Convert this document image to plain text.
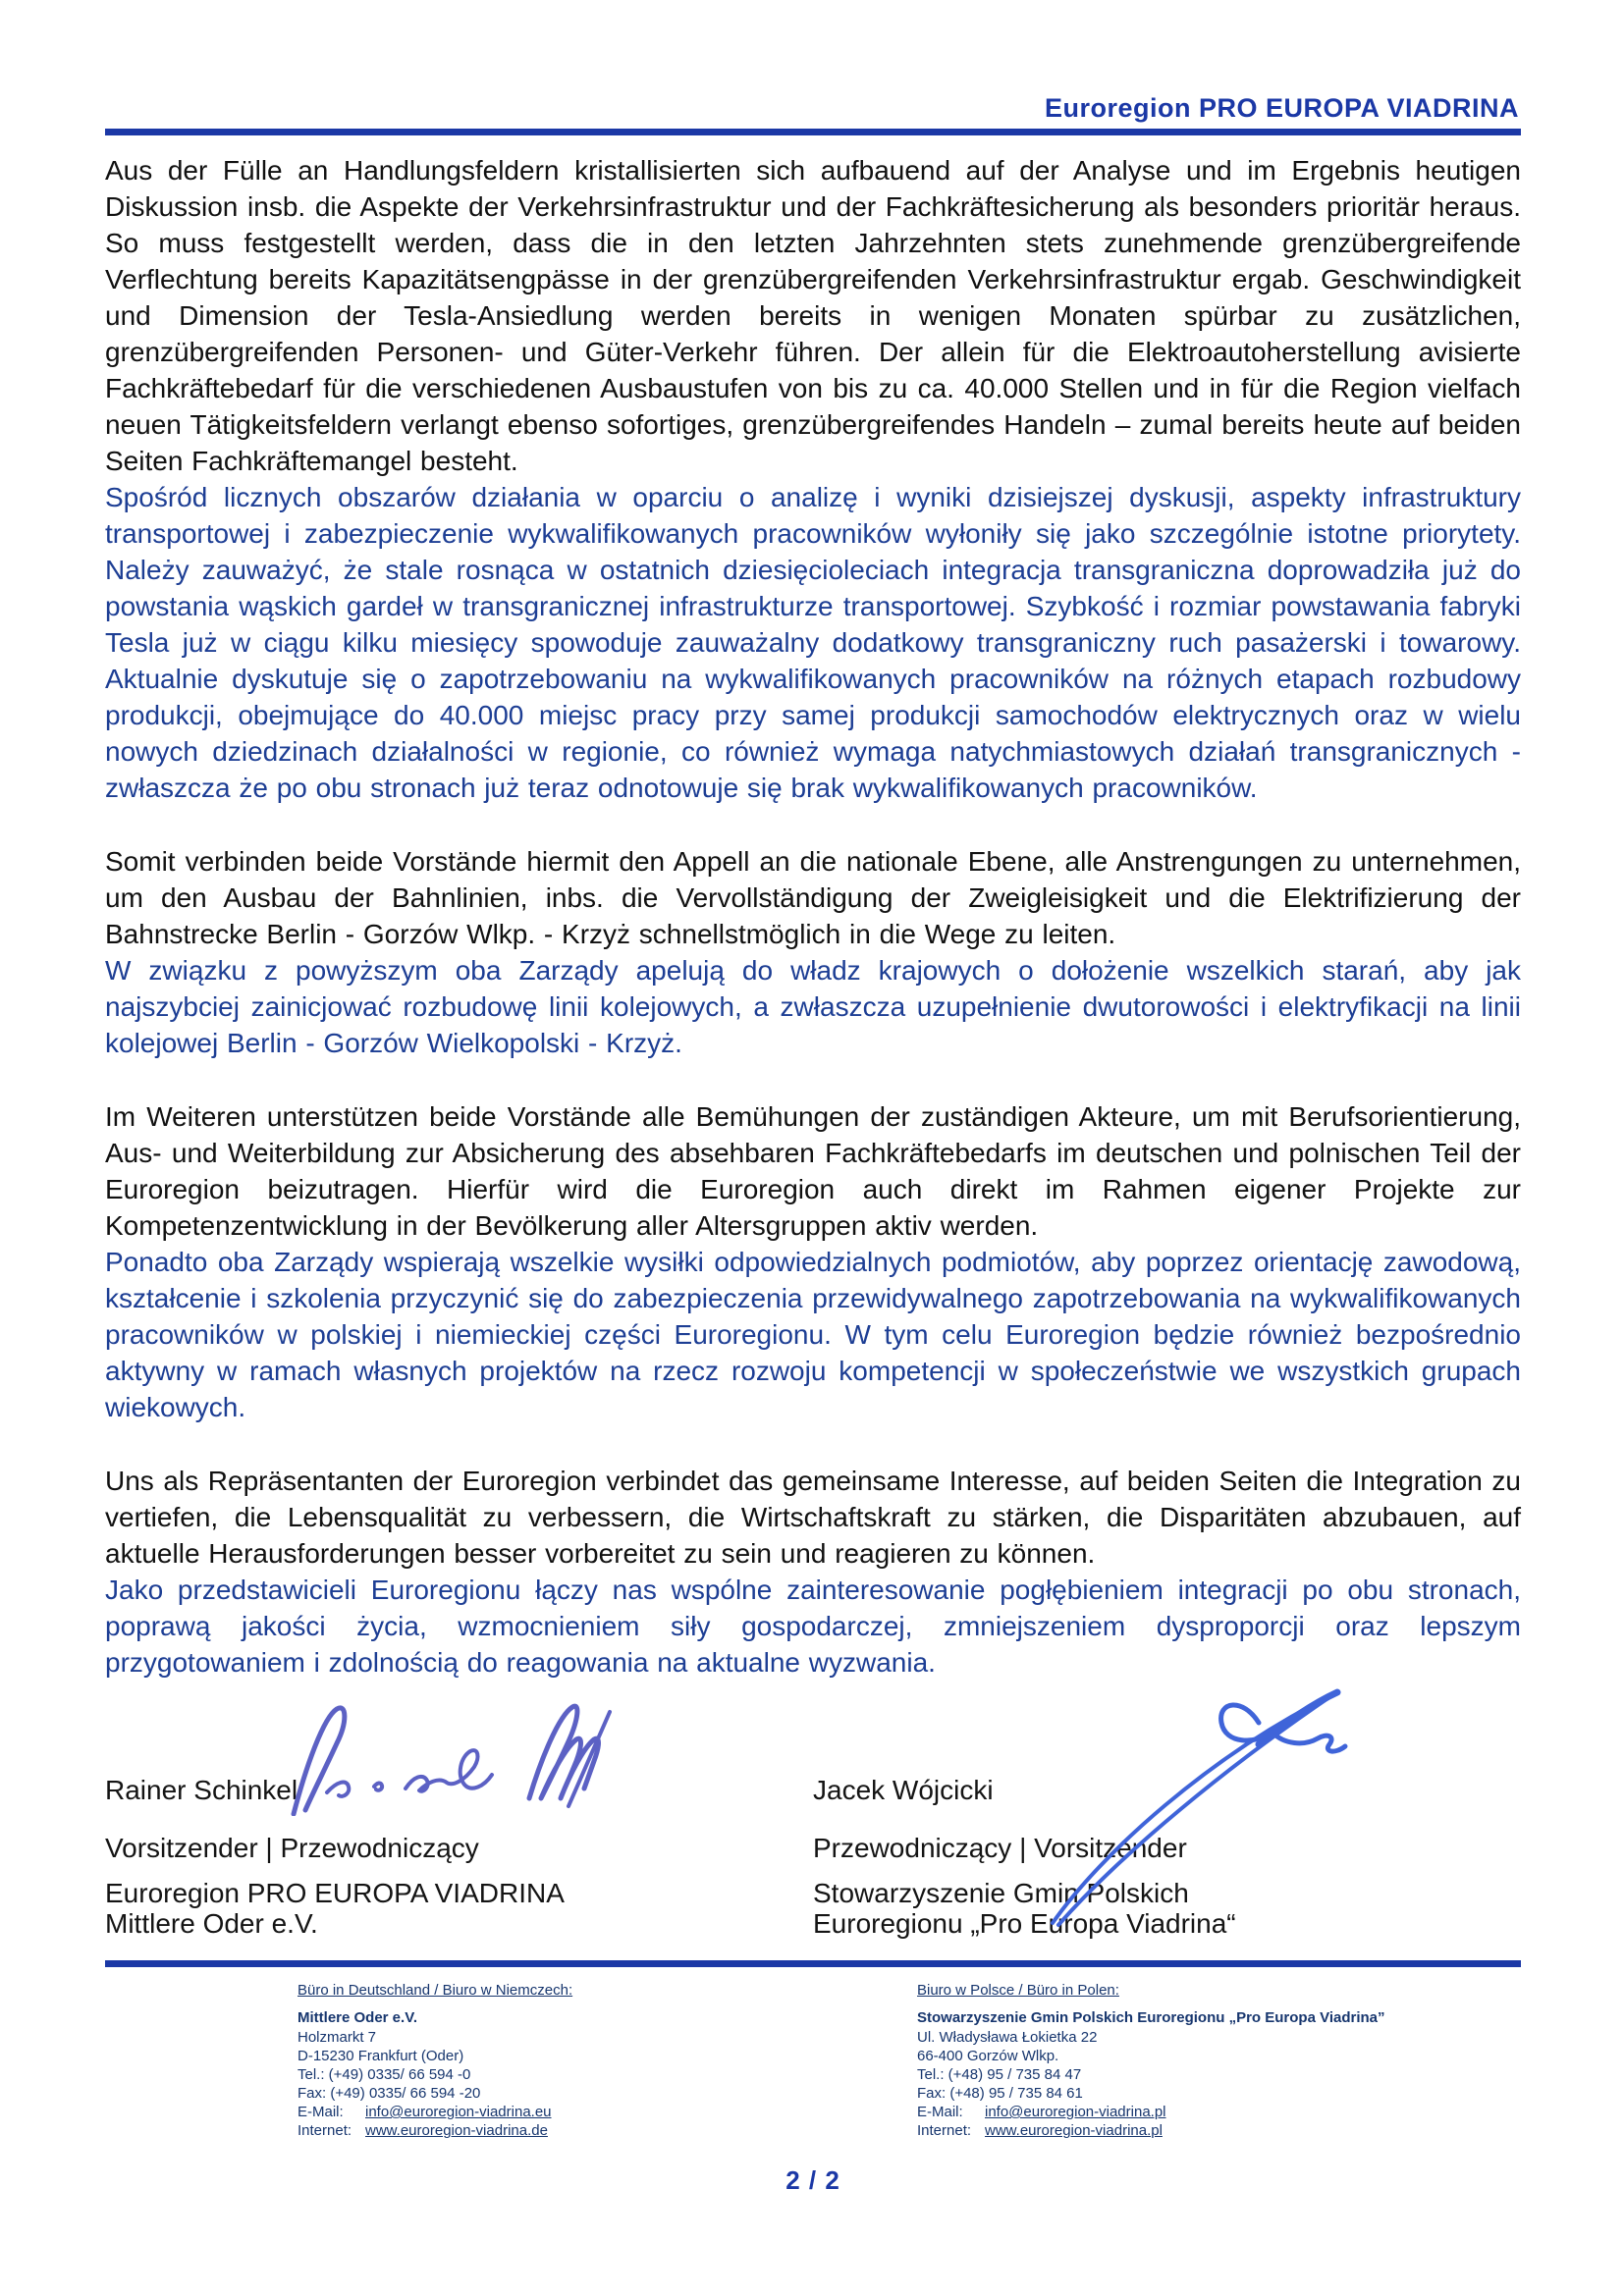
Euroregion PRO EUROPA VIADRINA

Aus der Fülle an Handlungsfeldern kristallisierten sich aufbauend auf der Analyse und im Ergebnis heutigen Diskussion insb. die Aspekte der Verkehrsinfrastruktur und der Fachkräftesicherung als besonders prioritär heraus. So muss festgestellt werden, dass die in den letzten Jahrzehnten stets zunehmende grenzübergreifende Verflechtung bereits Kapazitätsengpässe in der grenzübergreifenden Verkehrsinfrastruktur ergab. Geschwindigkeit und Dimension der Tesla-Ansiedlung werden bereits in wenigen Monaten spürbar zu zusätzlichen, grenzübergreifenden Personen- und Güter-Verkehr führen. Der allein für die Elektroautoherstellung avisierte Fachkräftebedarf für die verschiedenen Ausbaustufen von bis zu ca. 40.000 Stellen und in für die Region vielfach neuen Tätigkeitsfeldern verlangt ebenso sofortiges, grenzübergreifendes Handeln – zumal bereits heute auf beiden Seiten Fachkräftemangel besteht.

Spośród licznych obszarów działania w oparciu o analizę i wyniki dzisiejszej dyskusji, aspekty infrastruktury transportowej i zabezpieczenie wykwalifikowanych pracowników wyłoniły się jako szczególnie istotne priorytety. Należy zauważyć, że stale rosnąca w ostatnich dziesięcioleciach integracja transgraniczna doprowadziła już do powstania wąskich gardeł w transgranicznej infrastrukturze transportowej. Szybkość i rozmiar powstawania fabryki Tesla już w ciągu kilku miesięcy spowoduje zauważalny dodatkowy transgraniczny ruch pasażerski i towarowy. Aktualnie dyskutuje się o zapotrzebowaniu na wykwalifikowanych pracowników na różnych etapach rozbudowy produkcji, obejmujące do 40.000 miejsc pracy przy samej produkcji samochodów elektrycznych oraz w wielu nowych dziedzinach działalności w regionie, co również wymaga natychmiastowych działań transgranicznych - zwłaszcza że po obu stronach już teraz odnotowuje się brak wykwalifikowanych pracowników.

Somit verbinden beide Vorstände hiermit den Appell an die nationale Ebene, alle Anstrengungen zu unternehmen, um den Ausbau der Bahnlinien, inbs. die Vervollständigung der Zweigleisigkeit und die Elektrifizierung der Bahnstrecke Berlin - Gorzów Wlkp. - Krzyż schnellstmöglich in die Wege zu leiten.

W związku z powyższym oba Zarządy apelują do władz krajowych o dołożenie wszelkich starań, aby jak najszybciej zainicjować rozbudowę linii kolejowych, a zwłaszcza uzupełnienie dwutorowości i elektryfikacji na linii kolejowej Berlin - Gorzów Wielkopolski - Krzyż.

Im Weiteren unterstützen beide Vorstände alle Bemühungen der zuständigen Akteure, um mit Berufsorientierung, Aus- und Weiterbildung zur Absicherung des absehbaren Fachkräftebedarfs im deutschen und polnischen Teil der Euroregion beizutragen. Hierfür wird die Euroregion auch direkt im Rahmen eigener Projekte zur Kompetenzentwicklung in der Bevölkerung aller Altersgruppen aktiv werden.

Ponadto oba Zarządy wspierają wszelkie wysiłki odpowiedzialnych podmiotów, aby poprzez orientację zawodową, kształcenie i szkolenia przyczynić się do zabezpieczenia przewidywalnego zapotrzebowania na wykwalifikowanych pracowników w polskiej i niemieckiej części Euroregionu. W tym celu Euroregion będzie również bezpośrednio aktywny w ramach własnych projektów na rzecz rozwoju kompetencji w społeczeństwie we wszystkich grupach wiekowych.

Uns als Repräsentanten der Euroregion verbindet das gemeinsame Interesse, auf beiden Seiten die Integration zu vertiefen, die Lebensqualität zu verbessern, die Wirtschaftskraft zu stärken, die Disparitäten abzubauen, auf aktuelle Herausforderungen besser vorbereitet zu sein und reagieren zu können.

Jako przedstawicieli Euroregionu łączy nas wspólne zainteresowanie pogłębieniem integracji po obu stronach, poprawą jakości życia, wzmocnieniem siły gospodarczej, zmniejszeniem dysproporcji oraz lepszym przygotowaniem i zdolnością do reagowania na aktualne wyzwania.

Rainer Schinkel
Vorsitzender | Przewodniczący
Euroregion PRO EUROPA VIADRINA
Mittlere Oder e.V.
Jacek Wójcicki
Przewodniczący | Vorsitzender
Stowarzyszenie Gmin Polskich
Euroregionu „Pro Europa Viadrina“
Büro in Deutschland / Biuro w Niemczech:
Mittlere Oder e.V.
Holzmarkt 7
D-15230 Frankfurt (Oder)
Tel.: (+49) 0335/ 66 594 -0
Fax: (+49) 0335/ 66 594 -20
E-Mail: info@euroregion-viadrina.eu
Internet: www.euroregion-viadrina.de
Biuro w Polsce / Büro in Polen:
Stowarzyszenie Gmin Polskich Euroregionu „Pro Europa Viadrina”
Ul. Władysława Łokietka 22
66-400 Gorzów Wlkp.
Tel.: (+48) 95 / 735 84 47
Fax: (+48) 95 / 735 84 61
E-Mail: info@euroregion-viadrina.pl
Internet: www.euroregion-viadrina.pl
2 / 2
